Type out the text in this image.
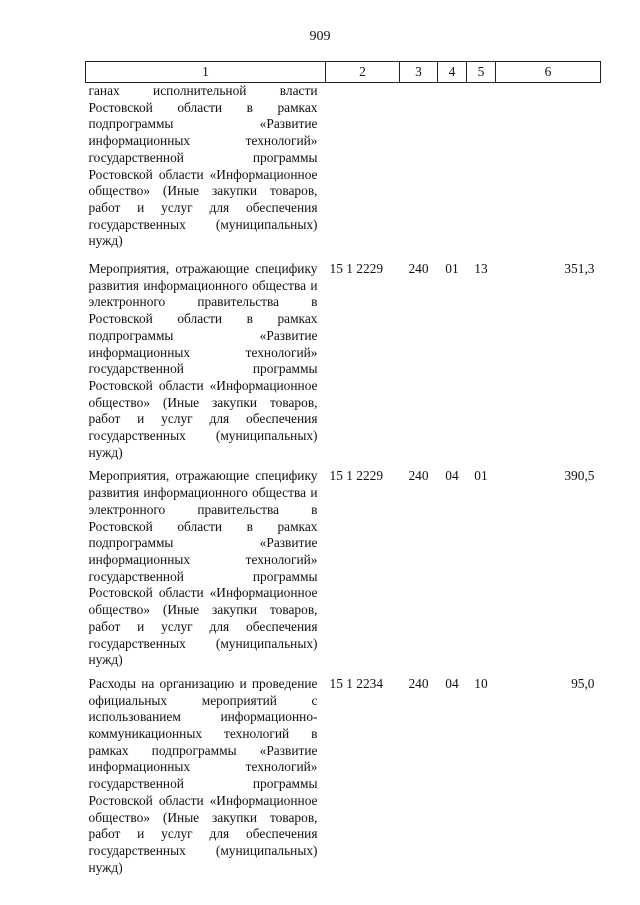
909
1	2	3	4	5	6
ганах исполнительной власти Ростовской области в рамках подпрограммы «Развитие информационных технологий» государственной программы Ростовской области «Информационное общество» (Иные закупки товаров, работ и услуг для обеспечения государственных (муниципальных) нужд)					
Мероприятия, отражающие специфику развития информационного общества и электронного правительства в Ростовской области в рамках подпрограммы «Развитие информационных технологий» государственной программы Ростовской области «Информационное общество» (Иные закупки товаров, работ и услуг для обеспечения государственных (муниципальных) нужд)	15 1 2229	240	01	13	351,3
Мероприятия, отражающие специфику развития информационного общества и электронного правительства в Ростовской области в рамках подпрограммы «Развитие информационных технологий» государственной программы Ростовской области «Информационное общество» (Иные закупки товаров, работ и услуг для обеспечения государственных (муниципальных) нужд)	15 1 2229	240	04	01	390,5
Расходы на организацию и проведение официальных мероприятий с использованием информационно-коммуникационных технологий в рамках подпрограммы «Развитие информационных технологий» государственной программы Ростовской области «Информационное общество» (Иные закупки товаров, работ и услуг для обеспечения государственных (муниципальных) нужд)	15 1 2234	240	04	10	95,0
